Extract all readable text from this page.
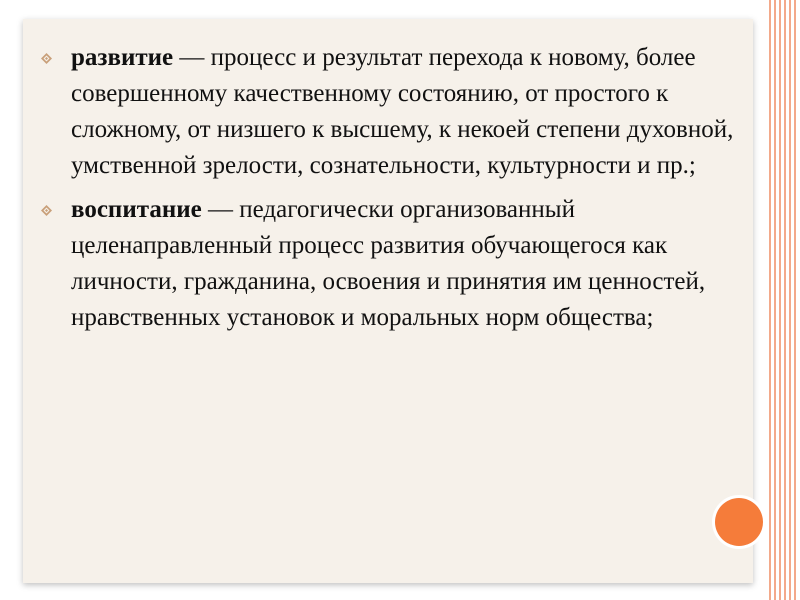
развитие — процесс и результат перехода к новому, более совершенному качественному состоянию, от простого к сложному, от низшего к высшему, к некоей степени духовной, умственной зрелости, сознательности, культурности и пр.;
воспитание — педагогически организованный целенаправленный процесс развития обучающегося как личности, гражданина, освоения и принятия им ценностей, нравственных установок и моральных норм общества;
